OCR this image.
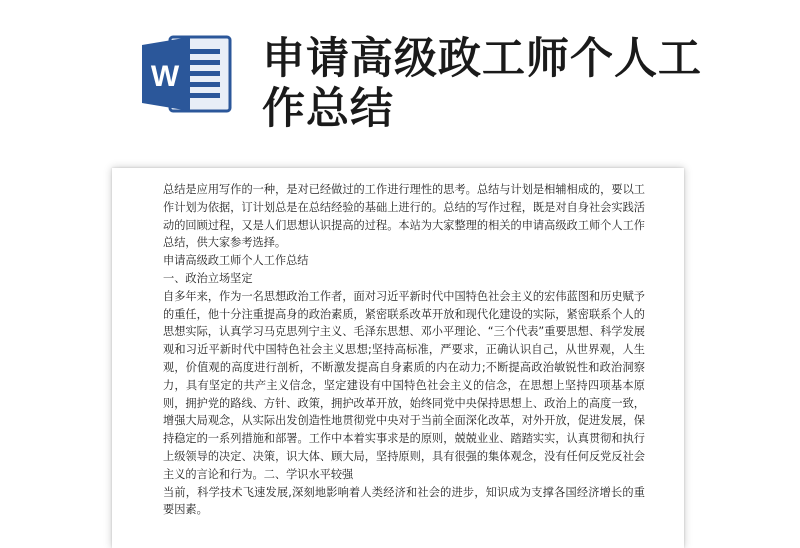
W 申请高级政工师个人工作总结

总结是应用写作的一种，是对已经做过的工作进行理性的思考。总结与计划是相辅相成的，要以工作计划为依据，订计划总是在总结经验的基础上进行的。总结的写作过程，既是对自身社会实践活动的回顾过程，又是人们思想认识提高的过程。本站为大家整理的相关的申请高级政工师个人工作总结，供大家参考选择。

申请高级政工师个人工作总结

一、政治立场坚定

自多年来，作为一名思想政治工作者，面对习近平新时代中国特色社会主义的宏伟蓝图和历史赋予的重任，他十分注重提高身的政治素质，紧密联系改革开放和现代化建设的实际，紧密联系个人的思想实际，认真学习马克思列宁主义、毛泽东思想、邓小平理论、“三个代表”重要思想、科学发展观和习近平新时代中国特色社会主义思想;坚持高标准，严要求，正确认识自己，从世界观，人生观，价值观的高度进行剖析，不断激发提高自身素质的内在动力;不断提高政治敏锐性和政治洞察力，具有坚定的共产主义信念，坚定建设有中国特色社会主义的信念，在思想上坚持四项基本原则，拥护党的路线、方针、政策，拥护改革开放，始终同党中央保持思想上、政治上的高度一致，增强大局观念，从实际出发创造性地贯彻党中央对于当前全面深化改革，对外开放，促进发展，保持稳定的一系列措施和部署。工作中本着实事求是的原则，兢兢业业、踏踏实实，认真贯彻和执行上级领导的决定、决策，识大体、顾大局，坚持原则，具有很强的集体观念，没有任何反党反社会主义的言论和行为。二、学识水平较强

当前，科学技术飞速发展,深刻地影响着人类经济和社会的进步，知识成为支撑各国经济增长的重要因素。
